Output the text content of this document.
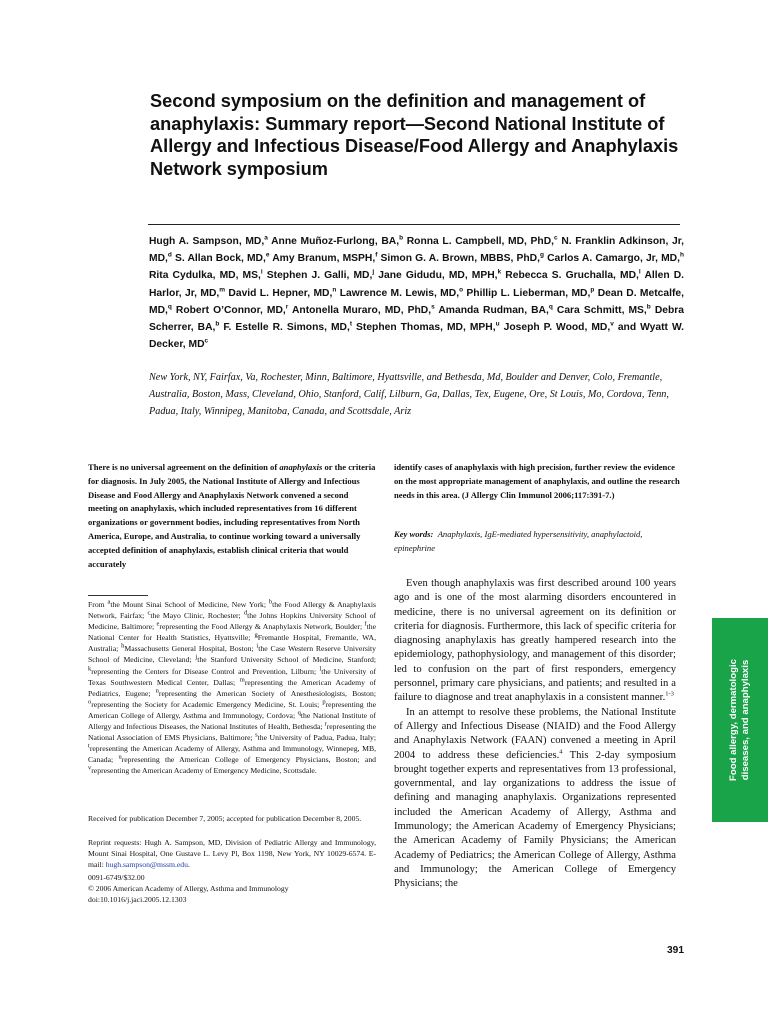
Second symposium on the definition and management of anaphylaxis: Summary report—Second National Institute of Allergy and Infectious Disease/Food Allergy and Anaphylaxis Network symposium
Hugh A. Sampson, MD,$^a$ Anne Muñoz-Furlong, BA,$^b$ Ronna L. Campbell, MD, PhD,$^c$ N. Franklin Adkinson, Jr, MD,$^d$ S. Allan Bock, MD,$^e$ Amy Branum, MSPH,$^f$ Simon G. A. Brown, MBBS, PhD,$^g$ Carlos A. Camargo, Jr, MD,$^h$ Rita Cydulka, MD, MS,$^i$ Stephen J. Galli, MD,$^j$ Jane Gidudu, MD, MPH,$^k$ Rebecca S. Gruchalla, MD,$^l$ Allen D. Harlor, Jr, MD,$^m$ David L. Hepner, MD,$^n$ Lawrence M. Lewis, MD,$^o$ Phillip L. Lieberman, MD,$^p$ Dean D. Metcalfe, MD,$^q$ Robert O’Connor, MD,$^r$ Antonella Muraro, MD, PhD,$^s$ Amanda Rudman, BA,$^q$ Cara Schmitt, MS,$^b$ Debra Scherrer, BA,$^b$ F. Estelle R. Simons, MD,$^t$ Stephen Thomas, MD, MPH,$^u$ Joseph P. Wood, MD,$^v$ and Wyatt W. Decker, $MD^c$
New York, NY, Fairfax, Va, Rochester, Minn, Baltimore, Hyattsville, and Bethesda, Md, Boulder and Denver, Colo, Fremantle, Australia, Boston, Mass, Cleveland, Ohio, Stanford, Calif, Lilburn, Ga, Dallas, Tex, Eugene, Ore, St Louis, Mo, Cordova, Tenn, Padua, Italy, Winnipeg, Manitoba, Canada, and Scottsdale, Ariz
There is no universal agreement on the definition of anaphylaxis or the criteria for diagnosis. In July 2005, the National Institute of Allergy and Infectious Disease and Food Allergy and Anaphylaxis Network convened a second meeting on anaphylaxis, which included representatives from 16 different organizations or government bodies, including representatives from North America, Europe, and Australia, to continue working toward a universally accepted definition of anaphylaxis, establish clinical criteria that would accurately
identify cases of anaphylaxis with high precision, further review the evidence on the most appropriate management of anaphylaxis, and outline the research needs in this area. (J Allergy Clin Immunol 2006;117:391-7.)
Key words: Anaphylaxis, IgE-mediated hypersensitivity, anaphylactoid, epinephrine
From $^a$the Mount Sinai School of Medicine, New York; $^b$the Food Allergy & Anaphylaxis Network, Fairfax; $^c$the Mayo Clinic, Rochester; $^d$the Johns Hopkins University School of Medicine, Baltimore; $^e$representing the Food Allergy & Anaphylaxis Network, Boulder; $^f$the National Center for Health Statistics, Hyattsville; $^g$Fremantle Hospital, Fremantle, WA, Australia; $^h$Massachusetts General Hospital, Boston; $^i$the Case Western Reserve University School of Medicine, Cleveland; $^j$the Stanford University School of Medicine, Stanford; $^k$representing the Centers for Disease Control and Prevention, Lilburn; $^l$the University of Texas Southwestern Medical Center, Dallas; $^m$representing the American Academy of Pediatrics, Eugene; $^n$representing the American Society of Anesthesiologists, Boston; $^o$representing the Society for Academic Emergency Medicine, St. Louis; $^p$representing the American College of Allergy, Asthma and Immunology, Cordova; $^q$the National Institute of Allergy and Infectious Diseases, the National Institutes of Health, Bethesda; $^r$representing the National Association of EMS Physicians, Baltimore; $^s$the University of Padua, Padua, Italy; $^t$representing the American Academy of Allergy, Asthma and Immunology, Winnepeg, MB, Canada; $^u$representing the American College of Emergency Physicians, Boston; and $^v$representing the American Academy of Emergency Medicine, Scottsdale.
Received for publication December 7, 2005; accepted for publication December 8, 2005.
Reprint requests: Hugh A. Sampson, MD, Division of Pediatric Allergy and Immunology, Mount Sinai Hospital, One Gustave L. Levy Pl, Box 1198, New York, NY 10029-6574. E-mail: hugh.sampson@mssm.edu.
0091-6749/$32.00
© 2006 American Academy of Allergy, Asthma and Immunology
doi:10.1016/j.jaci.2005.12.1303

Even though anaphylaxis was first described around 100 years ago and is one of the most alarming disorders encountered in medicine, there is no universal agreement on its definition or criteria for diagnosis. Furthermore, this lack of specific criteria for diagnosing anaphylaxis has greatly hampered research into the epidemiology, pathophysiology, and management of this disorder; led to confusion on the part of first responders, emergency personnel, primary care physicians, and patients; and resulted in a failure to diagnose and treat anaphylaxis in a consistent manner.$^{1-3}$

In an attempt to resolve these problems, the National Institute of Allergy and Infectious Disease (NIAID) and the Food Allergy and Anaphylaxis Network (FAAN) convened a meeting in April 2004 to address these deficiencies.$^4$ This 2-day symposium brought together experts and representatives from 13 professional, governmental, and lay organizations to address the issue of defining and managing anaphylaxis. Organizations represented included the American Academy of Allergy, Asthma and Immunology; the American Academy of Emergency Physicians; the American Academy of Family Physicians; the American Academy of Pediatrics; the American College of Allergy, Asthma and Immunology; the American College of Emergency Physicians; the

Food allergy, dermatologic diseases, and anaphylaxis
391
